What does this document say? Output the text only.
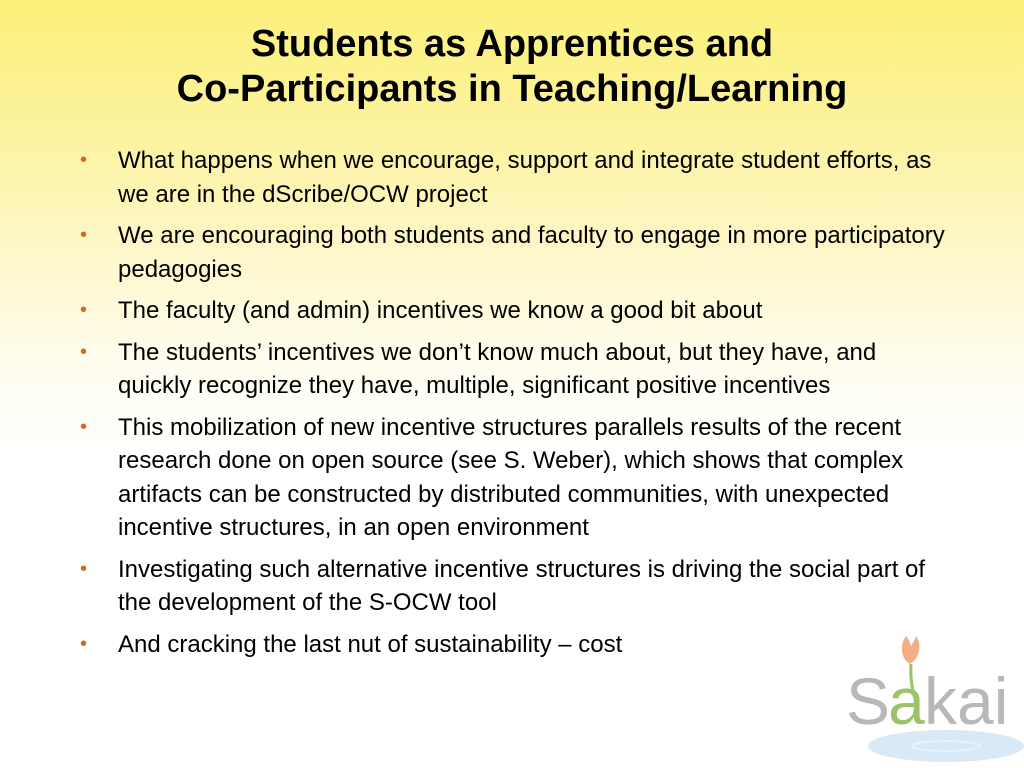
Students as Apprentices and
Co-Participants in Teaching/Learning
• What happens when we encourage, support and integrate student efforts, as we are in the dScribe/OCW project
• We are encouraging both students and faculty to engage in more participatory pedagogies
• The faculty (and admin) incentives we know a good bit about
• The students’ incentives we don’t know much about, but they have, and quickly recognize they have, multiple, significant positive incentives
• This mobilization of new incentive structures parallels results of the recent research done on open source (see S. Weber), which shows that complex artifacts can be constructed by distributed communities, with unexpected incentive structures, in an open environment
• Investigating such alternative incentive structures is driving the social part of the development of the S-OCW tool
• And cracking the last nut of sustainability – cost
S
a kai
